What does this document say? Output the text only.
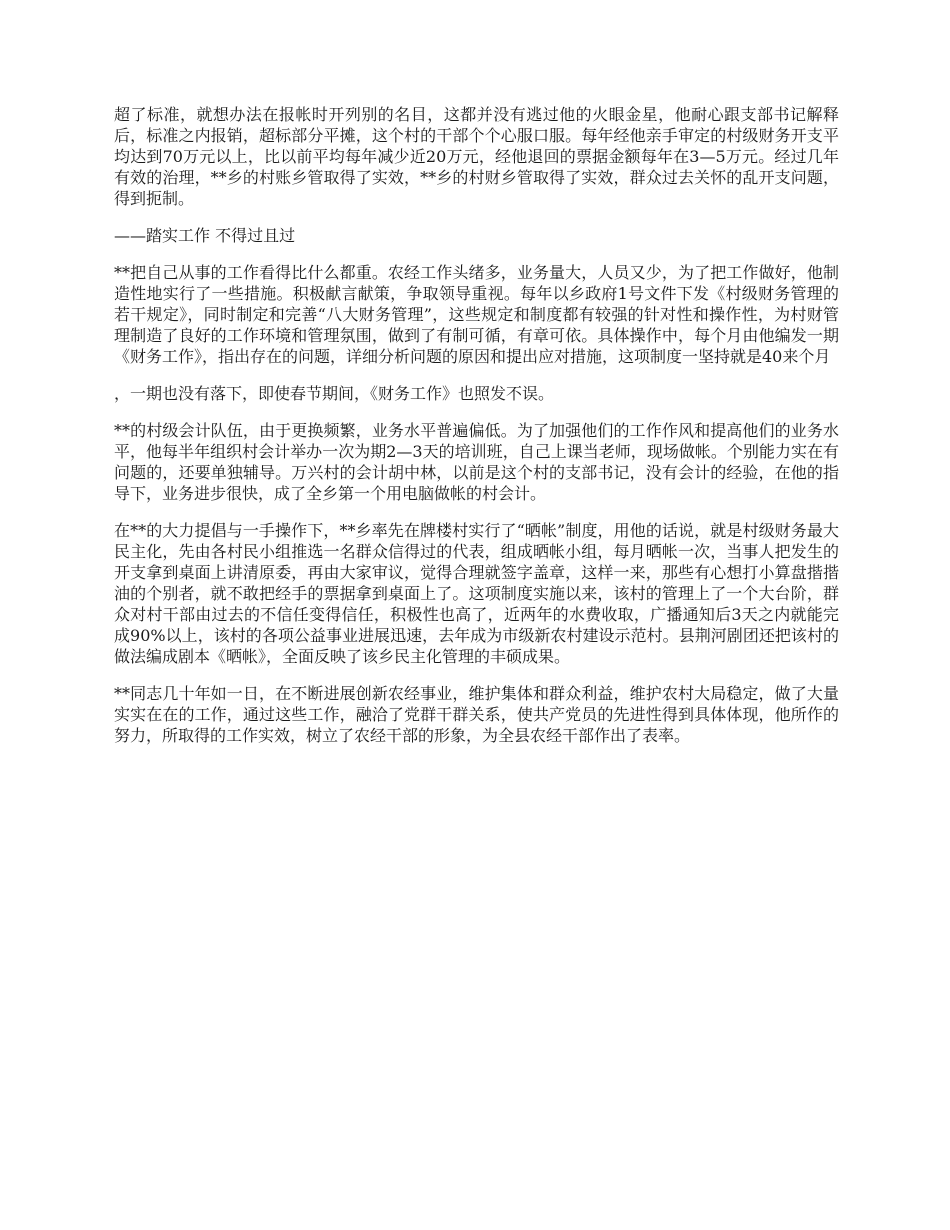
超了标准，就想办法在报帐时开列别的名目，这都并没有逃过他的火眼金星，他耐心跟支部书记解释后，标准之内报销，超标部分平摊，这个村的干部个个心服口服。每年经他亲手审定的村级财务开支平均达到70万元以上，比以前平均每年减少近20万元，经他退回的票据金额每年在3—5万元。经过几年有效的治理，**乡的村账乡管取得了实效，**乡的村财乡管取得了实效，群众过去关怀的乱开支问题，得到扼制。

——踏实工作 不得过且过

**把自己从事的工作看得比什么都重。农经工作头绪多，业务量大，人员又少，为了把工作做好，他制造性地实行了一些措施。积极献言献策，争取领导重视。每年以乡政府1号文件下发《村级财务管理的若干规定》，同时制定和完善“八大财务管理”，这些规定和制度都有较强的针对性和操作性，为村财管理制造了良好的工作环境和管理氛围，做到了有制可循，有章可依。具体操作中，每个月由他编发一期《财务工作》，指出存在的问题，详细分析问题的原因和提出应对措施，这项制度一坚持就是40来个月

，一期也没有落下，即使春节期间，《财务工作》也照发不误。

**的村级会计队伍，由于更换频繁，业务水平普遍偏低。为了加强他们的工作作风和提高他们的业务水平，他每半年组织村会计举办一次为期2—3天的培训班，自己上课当老师，现场做帐。个别能力实在有问题的，还要单独辅导。万兴村的会计胡中林，以前是这个村的支部书记，没有会计的经验，在他的指导下，业务进步很快，成了全乡第一个用电脑做帐的村会计。

在**的大力提倡与一手操作下，**乡率先在牌楼村实行了“晒帐”制度，用他的话说，就是村级财务最大民主化，先由各村民小组推选一名群众信得过的代表，组成晒帐小组，每月晒帐一次，当事人把发生的开支拿到桌面上讲清原委，再由大家审议，觉得合理就签字盖章，这样一来，那些有心想打小算盘揩揩油的个别者，就不敢把经手的票据拿到桌面上了。这项制度实施以来，该村的管理上了一个大台阶，群众对村干部由过去的不信任变得信任，积极性也高了，近两年的水费收取，广播通知后3天之内就能完成90%以上，该村的各项公益事业进展迅速，去年成为市级新农村建设示范村。县荆河剧团还把该村的做法编成剧本《晒帐》，全面反映了该乡民主化管理的丰硕成果。

**同志几十年如一日，在不断进展创新农经事业，维护集体和群众利益，维护农村大局稳定，做了大量实实在在的工作，通过这些工作，融洽了党群干群关系，使共产党员的先进性得到具体体现，他所作的努力，所取得的工作实效，树立了农经干部的形象，为全县农经干部作出了表率。
